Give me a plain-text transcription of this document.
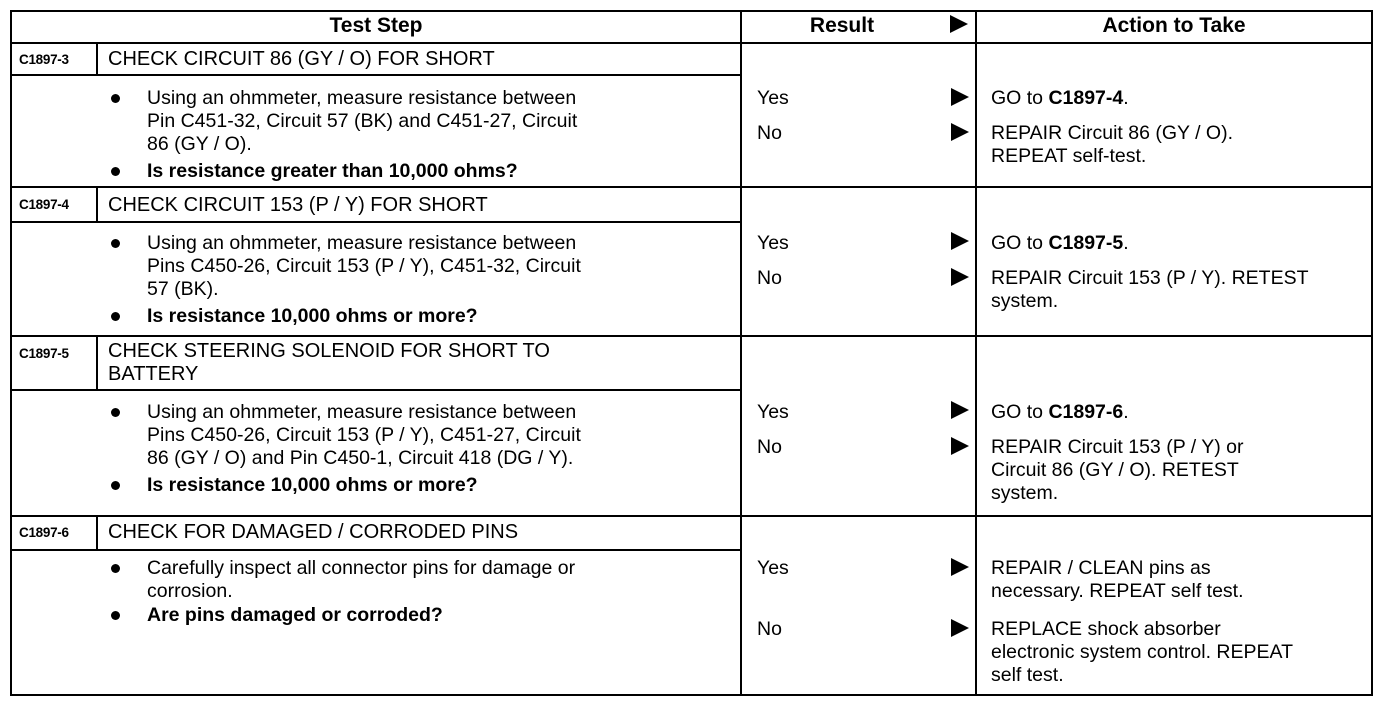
Test Step	Result	Action to Take
C1897-3 CHECK CIRCUIT 86 (GY / O) FOR SHORT
Using an ohmmeter, measure resistance between
Pin C451-32, Circuit 57 (BK) and C451-27, Circuit
86 (GY / O).
Is resistance greater than 10,000 ohms?
Yes
No
GO to C1897-4.
REPAIR Circuit 86 (GY / O).
REPEAT self-test.
C1897-4 CHECK CIRCUIT 153 (P / Y) FOR SHORT
Using an ohmmeter, measure resistance between
Pins C450-26, Circuit 153 (P / Y), C451-32, Circuit
57 (BK).
Is resistance 10,000 ohms or more?
Yes
No
GO to C1897-5.
REPAIR Circuit 153 (P / Y). RETEST
system.
C1897-5 CHECK STEERING SOLENOID FOR SHORT TO
BATTERY
Using an ohmmeter, measure resistance between
Pins C450-26, Circuit 153 (P / Y), C451-27, Circuit
86 (GY / O) and Pin C450-1, Circuit 418 (DG / Y).
Is resistance 10,000 ohms or more?
Yes
No
GO to C1897-6.
REPAIR Circuit 153 (P / Y) or
Circuit 86 (GY / O). RETEST
system.
C1897-6 CHECK FOR DAMAGED / CORRODED PINS
Carefully inspect all connector pins for damage or
corrosion.
Are pins damaged or corroded?
Yes
No
REPAIR / CLEAN pins as
necessary. REPEAT self test.
REPLACE shock absorber
electronic system control. REPEAT
self test.
